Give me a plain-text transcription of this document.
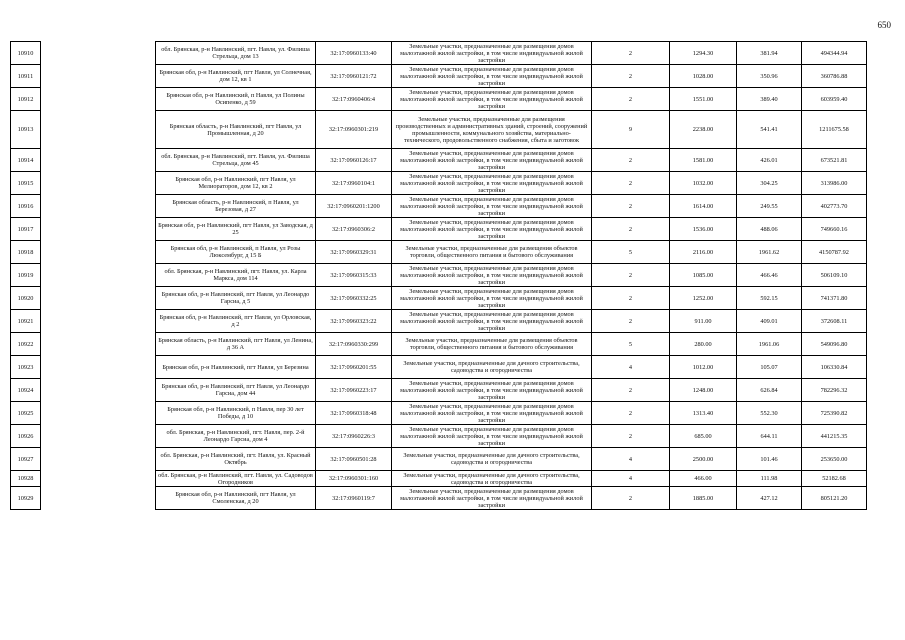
650
10910		обл. Брянская, р-н Навлинский, пгт. Навля, ул. Филиша Стрельца, дом 13	32:17:0960133:40	Земельные участки, предназначенные для размещения домов малоэтажной жилой застройки, в том числе индивидуальной жилой застройки	2	1294.30	381.94	494344.94
10911		Брянская обл, р-н Навлинский, пгт Навля, ул Солнечная, дом 12, кв 1	32:17:0960121:72	Земельные участки, предназначенные для размещения домов малоэтажной жилой застройки, в том числе индивидуальной жилой застройки	2	1028.00	350.96	360786.88
10912		Брянская обл, р-н Навлинский, п Навля, ул Полины Осипенко, д 59	32:17:0960406:4	Земельные участки, предназначенные для размещения домов малоэтажной жилой застройки, в том числе индивидуальной жилой застройки	2	1551.00	389.40	603959.40
10913		Брянская область, р-н Навлинский, пгт Навля, ул Промышленная, д 20	32:17:0960301:219	Земельные участки, предназначенные для размещения производственных и административных зданий, строений, сооружений промышленности, коммунального хозяйства, материально-технического, продовольственного снабжения, сбыта и заготовок	9	2238.00	541.41	1211675.58
10914		обл. Брянская, р-н Навлинский, пгт. Навля, ул. Филиша Стрельца, дом 45	32:17:0960126:17	Земельные участки, предназначенные для размещения домов малоэтажной жилой застройки, в том числе индивидуальной жилой застройки	2	1581.00	426.01	673521.81
10915		Брянская обл, р-н Навлинский, пгт Навля, ул Мелиораторов, дом 12, кв 2	32:17:0960104:1	Земельные участки, предназначенные для размещения домов малоэтажной жилой застройки, в том числе индивидуальной жилой застройки	2	1032.00	304.25	313986.00
10916		Брянская область, р-н Навлинский, п Навля, ул Березовая, д 27	32:17:0960201:1200	Земельные участки, предназначенные для размещения домов малоэтажной жилой застройки, в том числе индивидуальной жилой застройки	2	1614.00	249.55	402773.70
10917		Брянская обл, р-н Навлинский, пгт Навля, ул Заводская, д 25	32:17:0960306:2	Земельные участки, предназначенные для размещения домов малоэтажной жилой застройки, в том числе индивидуальной жилой застройки	2	1536.00	488.06	749660.16
10918		Брянская обл, р-н Навлинский, п Навля, ул Розы Люксембург, д 15 Б	32:17:0960329:31	Земельные участки, предназначенные для размещения объектов торговли, общественного питания и бытового обслуживания	5	2116.00	1961.62	4150787.92
10919		обл. Брянская, р-н Навлинский, пгт. Навля, ул. Карла Маркса, дом 114	32:17:0960315:33	Земельные участки, предназначенные для размещения домов малоэтажной жилой застройки, в том числе индивидуальной жилой застройки	2	1085.00	466.46	506109.10
10920		Брянская обл, р-н Навлинский, пгт Навля, ул Леонардо Гарсиа, д 5	32:17:0960332:25	Земельные участки, предназначенные для размещения домов малоэтажной жилой застройки, в том числе индивидуальной жилой застройки	2	1252.00	592.15	741371.80
10921		Брянская обл, р-н Навлинский, пгт Навля, ул Орловская, д 2	32:17:0960323:22	Земельные участки, предназначенные для размещения домов малоэтажной жилой застройки, в том числе индивидуальной жилой застройки	2	911.00	409.01	372608.11
10922		Брянская область, р-н Навлинский, пгт Навля, ул Ленина, д 36 А	32:17:0960330:299	Земельные участки, предназначенные для размещения объектов торговли, общественного питания и бытового обслуживания	5	280.00	1961.06	549096.80
10923		Брянская обл, р-н Навлинский, пгт Навля, ул Березина	32:17:0960201:55	Земельные участки, предназначенные для дачного строительства, садоводства и огородничества	4	1012.00	105.07	106330.84
10924		Брянская обл, р-н Навлинский, пгт Навля, ул Леонардо Гарсиа, дом 44	32:17:0960223:17	Земельные участки, предназначенные для размещения домов малоэтажной жилой застройки, в том числе индивидуальной жилой застройки	2	1248.00	626.84	782296.32
10925		Брянская обл, р-н Навлинский, п Навля, пер 30 лет Победы, д 10	32:17:0960318:48	Земельные участки, предназначенные для размещения домов малоэтажной жилой застройки, в том числе индивидуальной жилой застройки	2	1313.40	552.30	725390.82
10926		обл. Брянская, р-н Навлинский, пгт. Навля, пер. 2-й Леонардо Гарсиа, дом 4	32:17:0960226:3	Земельные участки, предназначенные для размещения домов малоэтажной жилой застройки, в том числе индивидуальной жилой застройки	2	685.00	644.11	441215.35
10927		обл. Брянская, р-н Навлинский, пгт. Навля, ул. Красный Октябрь	32:17:0960501:28	Земельные участки, предназначенные для дачного строительства, садоводства и огородничества	4	2500.00	101.46	253650.00
10928		обл. Брянская, р-н Навлинский, пгт. Навля, ул. Садоводов Огородников	32:17:0960301:160	Земельные участки, предназначенные для дачного строительства, садоводства и огородничества	4	466.00	111.98	52182.68
10929		Брянская обл, р-н Навлинский, пгт Навля, ул Смоленская, д 20	32:17:0960119:7	Земельные участки, предназначенные для размещения домов малоэтажной жилой застройки, в том числе индивидуальной жилой застройки	2	1885.00	427.12	805121.20
